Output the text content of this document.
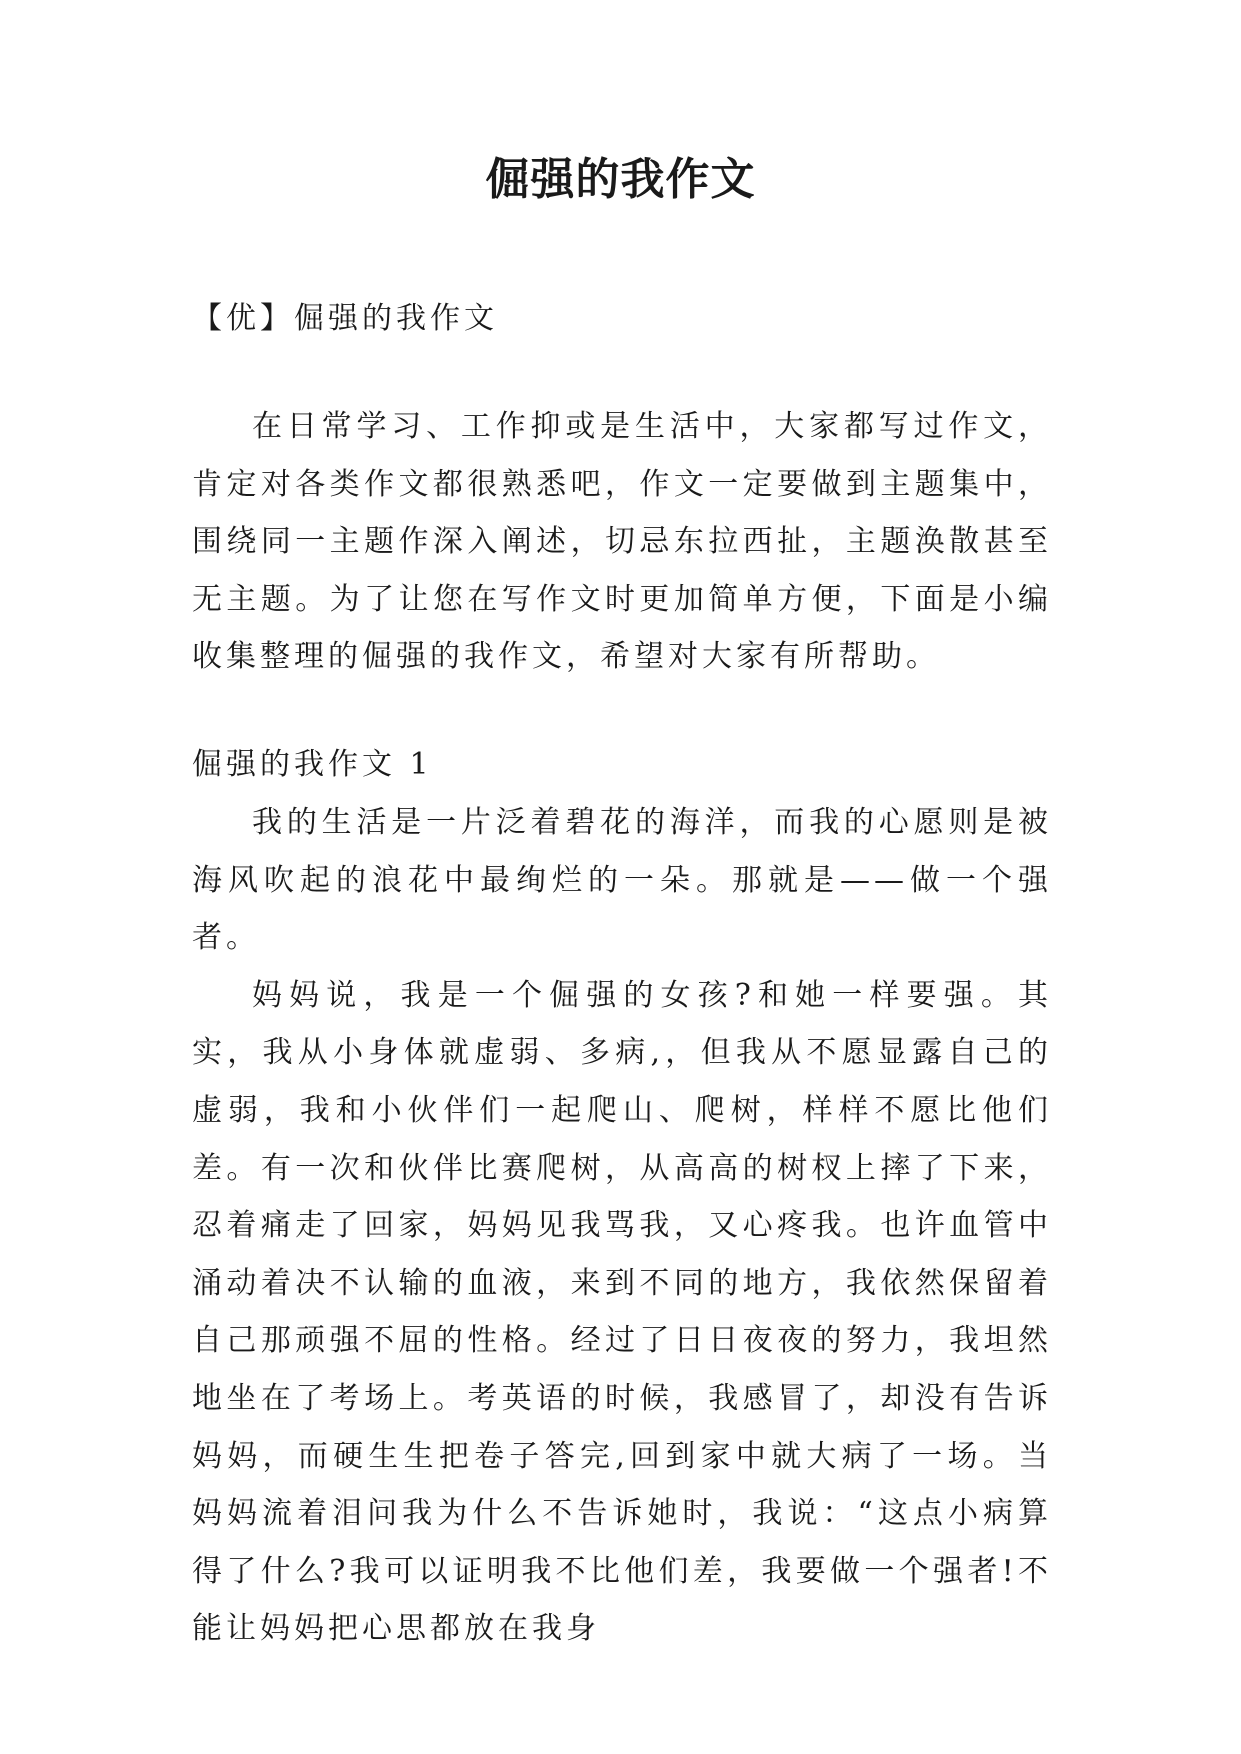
倔强的我作文

【优】倔强的我作文

在日常学习、工作抑或是生活中，大家都写过作文，肯定对各类作文都很熟悉吧，作文一定要做到主题集中，围绕同一主题作深入阐述，切忌东拉西扯，主题涣散甚至无主题。为了让您在写作文时更加简单方便，下面是小编收集整理的倔强的我作文，希望对大家有所帮助。

倔强的我作文 1

我的生活是一片泛着碧花的海洋，而我的心愿则是被海风吹起的浪花中最绚烂的一朵。那就是——做一个强者。

妈妈说，我是一个倔强的女孩?和她一样要强。其实，我从小身体就虚弱、多病,，但我从不愿显露自己的虚弱，我和小伙伴们一起爬山、爬树，样样不愿比他们差。有一次和伙伴比赛爬树，从高高的树杈上摔了下来，忍着痛走了回家，妈妈见我骂我，又心疼我。也许血管中涌动着决不认输的血液，来到不同的地方，我依然保留着自己那顽强不屈的性格。经过了日日夜夜的努力，我坦然地坐在了考场上。考英语的时候，我感冒了，却没有告诉妈妈，而硬生生把卷子答完,回到家中就大病了一场。当妈妈流着泪问我为什么不告诉她时，我说：“这点小病算得了什么?我可以证明我不比他们差，我要做一个强者!不能让妈妈把心思都放在我身
